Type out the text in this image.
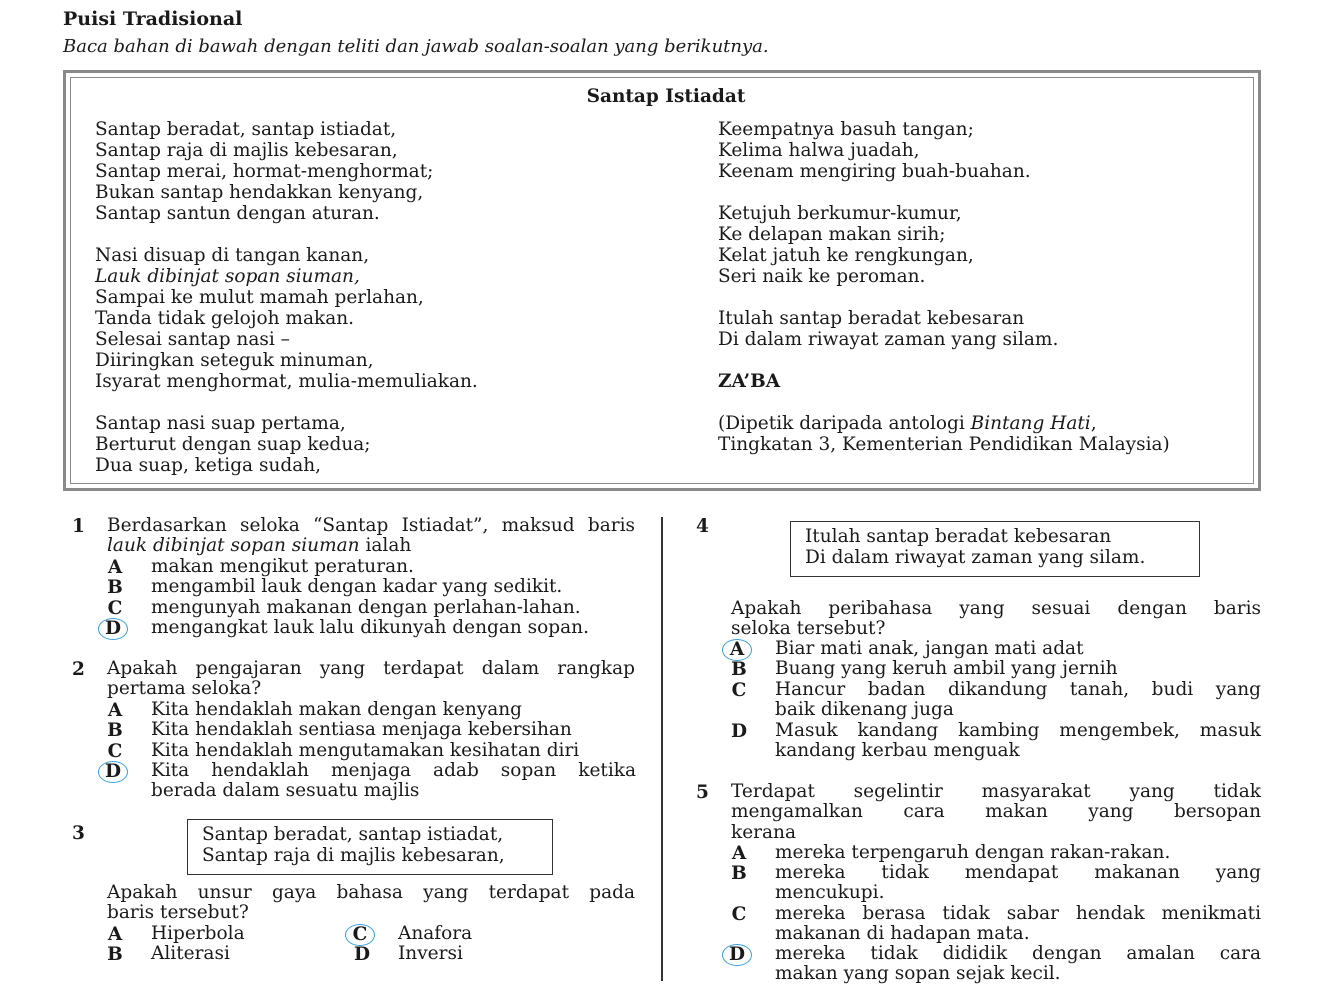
Puisi Tradisional
Baca bahan di bawah dengan teliti dan jawab soalan-soalan yang berikutnya.
Santap Istiadat
Santap beradat, santap istiadat,
Santap raja di majlis kebesaran,
Santap merai, hormat-menghormat;
Bukan santap hendakkan kenyang,
Santap santun dengan aturan.
Nasi disuap di tangan kanan,
Lauk dibinjat sopan siuman,
Sampai ke mulut mamah perlahan,
Tanda tidak gelojoh makan.
Selesai santap nasi –
Diiringkan seteguk minuman,
Isyarat menghormat, mulia-memuliakan.
Santap nasi suap pertama,
Berturut dengan suap kedua;
Dua suap, ketiga sudah,
Keempatnya basuh tangan;
Kelima halwa juadah,
Keenam mengiring buah-buahan.
Ketujuh berkumur-kumur,
Ke delapan makan sirih;
Kelat jatuh ke rengkungan,
Seri naik ke peroman.
Itulah santap beradat kebesaran
Di dalam riwayat zaman yang silam.
ZA’BA
(Dipetik daripada antologi Bintang Hati,
Tingkatan 3, Kementerian Pendidikan Malaysia)
1 Berdasarkan seloka “Santap Istiadat”, maksud baris
lauk dibinjat sopan siuman ialah
A makan mengikut peraturan.
B mengambil lauk dengan kadar yang sedikit.
C mengunyah makanan dengan perlahan-lahan.
D	mengangkat lauk lalu dikunyah dengan sopan.
2 Apakah pengajaran yang terdapat dalam rangkap
pertama seloka?
A Kita hendaklah makan dengan kenyang
B Kita hendaklah sentiasa menjaga kebersihan
C Kita hendaklah mengutamakan kesihatan diri
D	Kita hendaklah menjaga adab sopan ketika
berada dalam sesuatu majlis
3	Santap beradat, santap istiadat,
Santap raja di majlis kebesaran,
Apakah unsur gaya bahasa yang terdapat pada
baris tersebut?
A Hiperbola
B Aliterasi
C	Anafora
D Inversi
4	Itulah santap beradat kebesaran
Di dalam riwayat zaman yang silam.
Apakah peribahasa yang sesuai dengan baris
seloka tersebut?
A	Biar mati anak, jangan mati adat
B Buang yang keruh ambil yang jernih
C Hancur badan dikandung tanah, budi yang
baik dikenang juga
D Masuk kandang kambing mengembek, masuk
kandang kerbau menguak
5 Terdapat segelintir masyarakat yang tidak
mengamalkan cara makan yang bersopan
kerana
A mereka terpengaruh dengan rakan-rakan.
B mereka tidak mendapat makanan yang
mencukupi.
C mereka berasa tidak sabar hendak menikmati
makanan di hadapan mata.
D	mereka tidak dididik dengan amalan cara
makan yang sopan sejak kecil.
